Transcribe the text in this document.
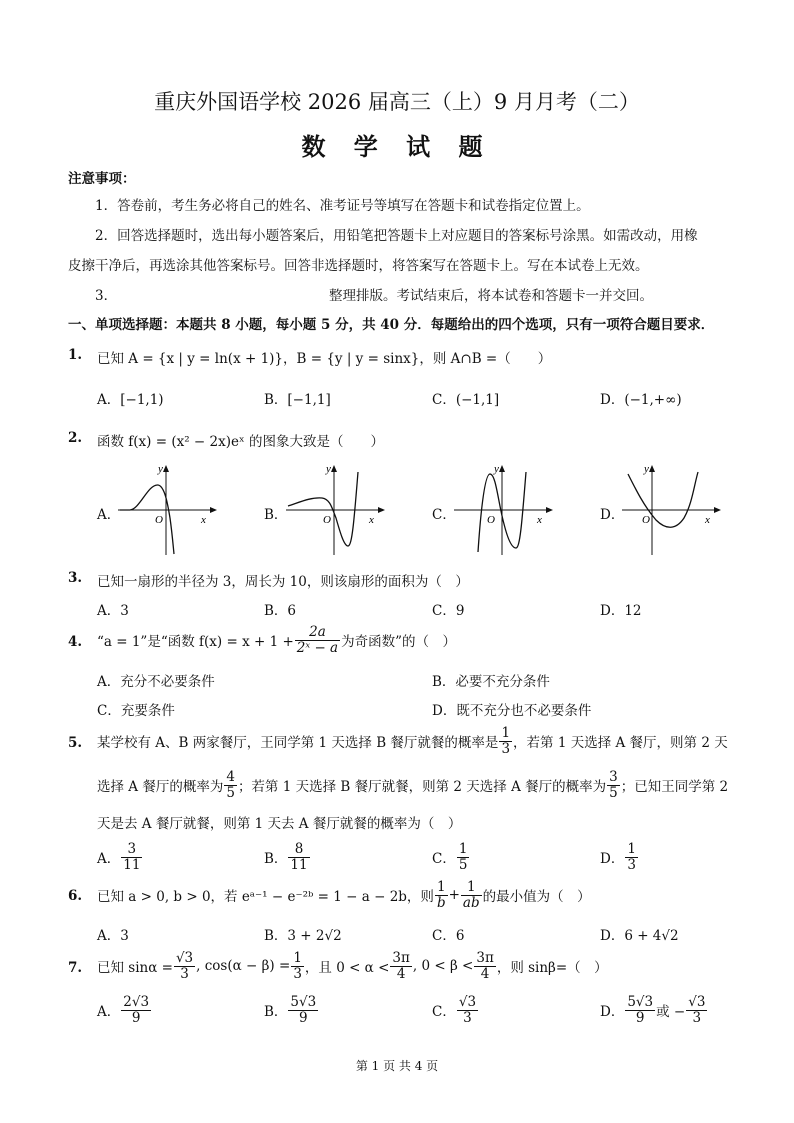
重庆外国语学校 2026 届高三（上）9 月月考（二）
数 学 试 题
注意事项：
1．答卷前，考生务必将自己的姓名、准考证号等填写在答题卡和试卷指定位置上。
2．回答选择题时，选出每小题答案后，用铅笔把答题卡上对应题目的答案标号涂黑。如需改动，用橡
皮擦干净后，再选涂其他答案标号。回答非选择题时，将答案写在答题卡上。写在本试卷上无效。
3．	整理排版。考试结束后，将本试卷和答题卡一并交回。
一、单项选择题：本题共 8 小题，每小题 5 分，共 40 分．每题给出的四个选项，只有一项符合题目要求．
1. 已知 A = {x | y = ln(x + 1)}，B = {y | y = sinx}，则 A∩B =（　　）
A．[−1,1)	B．[−1,1]	C．(−1,1]	D．(−1,+∞)
2. 函数 f(x) = (x² − 2x)eˣ 的图象大致是（　　）
A．	B．	C．	D．
y
x
O
y
x
O
y
x
O
y
x
O
3. 已知一扇形的半径为 3，周长为 10，则该扇形的面积为（　）
A．3	B．6	C．9	D．12
4. “a = 1”是“函数 $f(x) = x + 1 + \frac{2a}{\text{2ˣ − a}}$ 为奇函数”的（　）
A．充分不必要条件	B．必要不充分条件
C．充要条件	D．既不充分也不必要条件
5. 某学校有 A、B 两家餐厅，王同学第 1 天选择 B 餐厅就餐的概率是 $\frac{1}{3}$ ，若第 1 天选择 A 餐厅，则第 2 天
选择 A 餐厅的概率为 $\frac{4}{5}$ ；若第 1 天选择 B 餐厅就餐，则第 2 天选择 A 餐厅的概率为 $\frac{3}{5}$ ；已知王同学第 2
天是去 A 餐厅就餐，则第 1 天去 A 餐厅就餐的概率为（　）
A． $\frac{3}{11}$	B． $\frac{8}{11}$	C． $\frac{1}{5}$	D． $\frac{1}{3}$
6. 已知 a > 0, b > 0，若 eᵃ⁻¹ − e⁻²ᵇ = 1 − a − 2b，则 $\frac{1}{b} + \frac{1}{ab}$ 的最小值为（　）
A．3	B．3 + 2√2	C．6	D．6 + 4√2
7. 已知 $\sin\alpha = \frac{√3}{3}$ , $\cos(\alpha - \beta) = \frac{1}{3}$ ，且 $0 < \alpha < \frac{3\pi}{4}$ , $0 < \beta < \frac{3\pi}{4}$ ，则 sinβ=（　）
A． $\frac{2√3}{9}$	B． $\frac{5√3}{9}$	C． $\frac{√3}{3}$	D． $\frac{5√3}{9}$ 或 − $\frac{√3}{3}$
第 1 页 共 4 页
